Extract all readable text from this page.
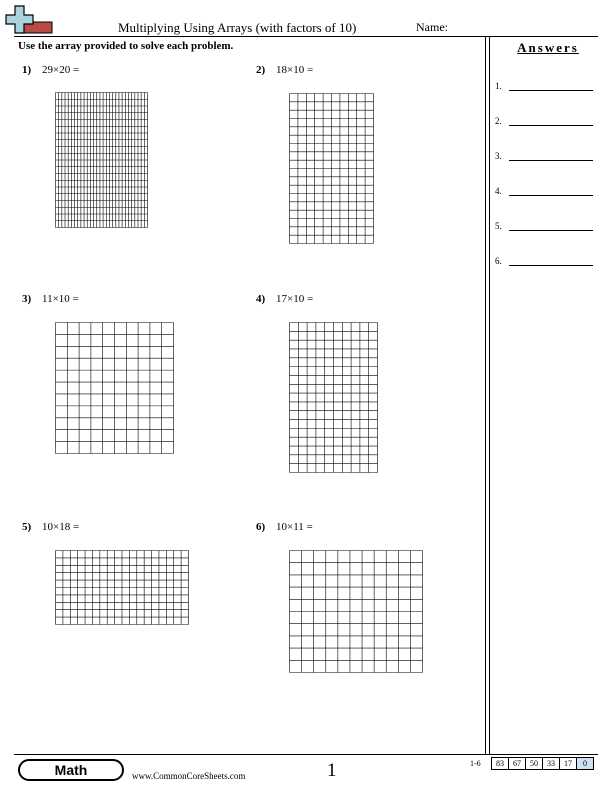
Multiplying Using Arrays (with factors of 10)	Name:
Use the array provided to solve each problem.	Answers
1.
2.
3.
4.
5.
6.
1) 29×20 =	2) 18×10 =
3) 11×10 =	4) 17×10 =
5) 10×18 =	6) 10×11 =
Math	www.CommonCoreSheets.com	1	1-6 83	67	50	33	17	0
